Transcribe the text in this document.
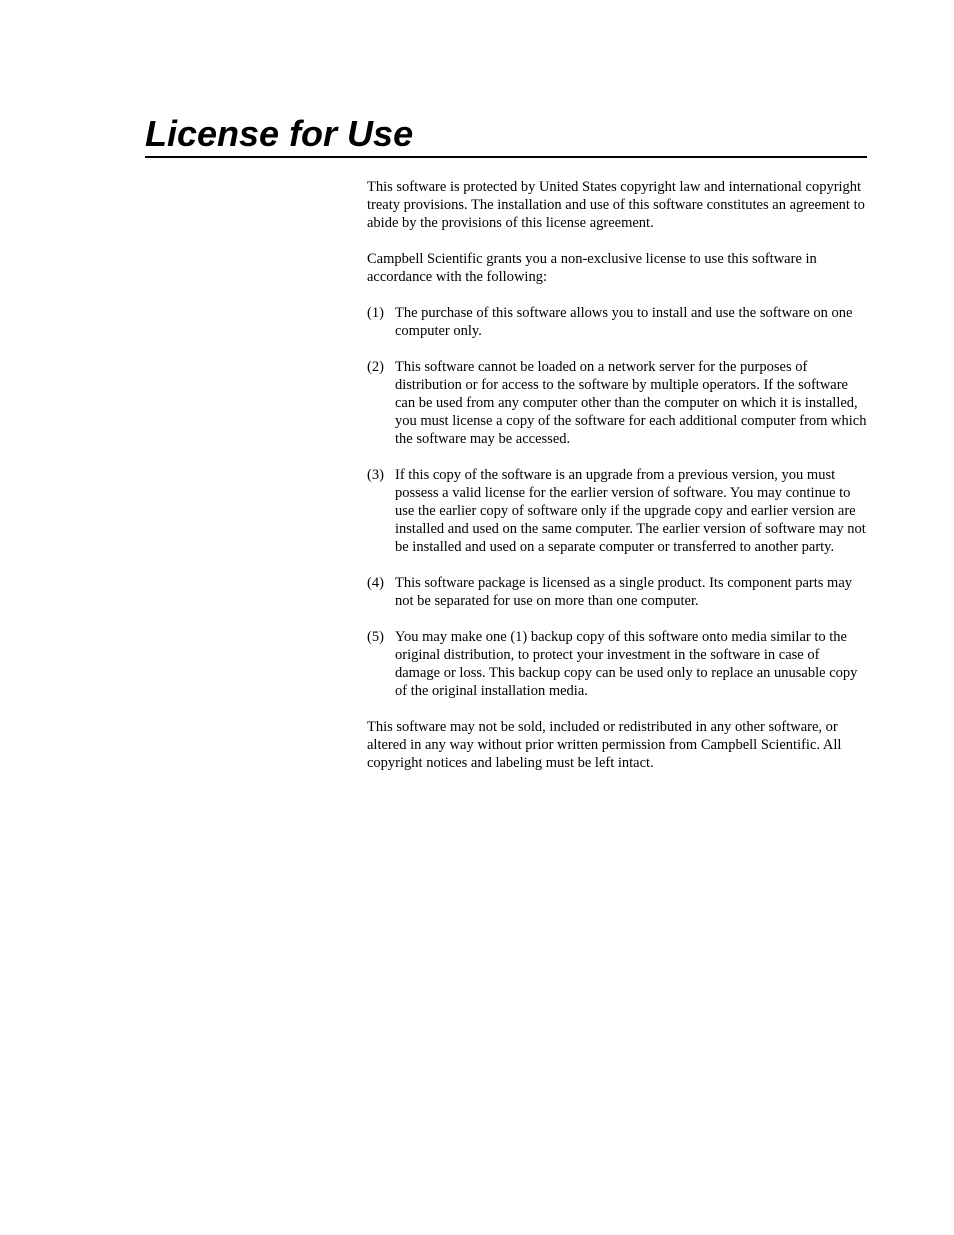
License for Use

This software is protected by United States copyright law and international copyright treaty provisions. The installation and use of this software constitutes an agreement to abide by the provisions of this license agreement.

Campbell Scientific grants you a non-exclusive license to use this software in accordance with the following:

(1) The purchase of this software allows you to install and use the software on one computer only.
(2) This software cannot be loaded on a network server for the purposes of distribution or for access to the software by multiple operators. If the software can be used from any computer other than the computer on which it is installed, you must license a copy of the software for each additional computer from which the software may be accessed.
(3) If this copy of the software is an upgrade from a previous version, you must possess a valid license for the earlier version of software. You may continue to use the earlier copy of software only if the upgrade copy and earlier version are installed and used on the same computer. The earlier version of software may not be installed and used on a separate computer or transferred to another party.
(4) This software package is licensed as a single product. Its component parts may not be separated for use on more than one computer.
(5) You may make one (1) backup copy of this software onto media similar to the original distribution, to protect your investment in the software in case of damage or loss. This backup copy can be used only to replace an unusable copy of the original installation media.

This software may not be sold, included or redistributed in any other software, or altered in any way without prior written permission from Campbell Scientific. All copyright notices and labeling must be left intact.
